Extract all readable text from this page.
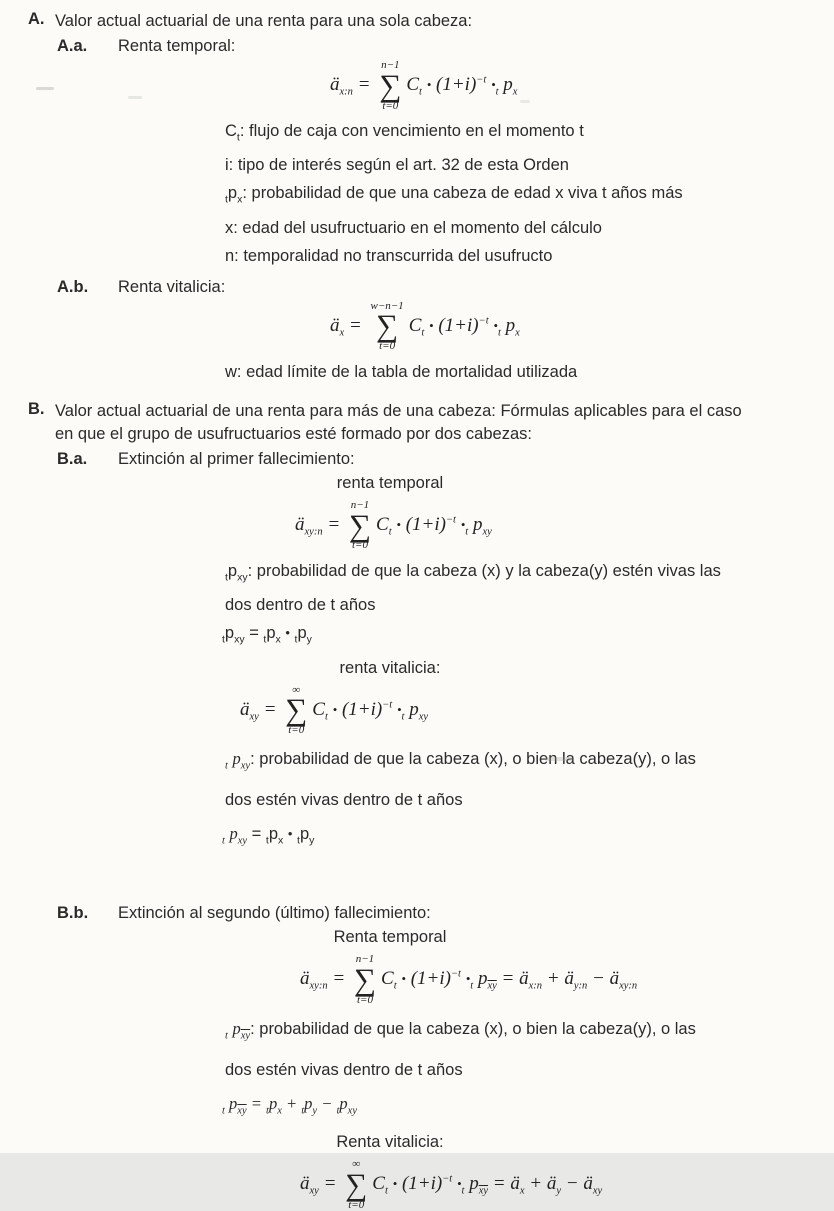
A. Valor actual actuarial de una renta para una sola cabeza:
A.a.	Renta temporal:
$ä_{x:n}$ =
n−1
∑
t=0
$C_t$ • $(1+i)^{-t}$ $•_t$ $p_x$
$C_t$: flujo de caja con vencimiento en el momento t
i: tipo de interés según el art. 32 de esta Orden
$_tp_x$: probabilidad de que una cabeza de edad x viva t años más
x: edad del usufructuario en el momento del cálculo
n: temporalidad no transcurrida del usufructo
A.b.	Renta vitalicia:
$ä_x$ =
w−n−1
∑
t=0
$C_t$ • $(1+i)^{-t}$ $•_t$ $p_x$
w: edad límite de la tabla de mortalidad utilizada
B. Valor actual actuarial de una renta para más de una cabeza: Fórmulas aplicables para el caso
en que el grupo de usufructuarios esté formado por dos cabezas:
B.a.	Extinción al primer fallecimiento:
renta temporal
$ä_{xy:n}$ =
n−1
∑
t=0
$C_t$ • $(1+i)^{-t}$ $•_t$ $p_{xy}$
$_tp_{xy}$: probabilidad de que la cabeza (x) y la cabeza(y) estén vivas las
dos dentro de t años
$_tp_{xy} = _tp_x$ • $_tp_y$
renta vitalicia:
$ä_{xy}$ =
∞
∑
t=0
$C_t$ • $(1+i)^{-t}$ $•_t$ $p_{xy}$
$_t$ $p_{xy}$: probabilidad de que la cabeza (x), o bien la cabeza(y), o las
dos estén vivas dentro de t años
$_t$ $p_{xy} = _tp_x$ • $_tp_y$
B.b.	Extinción al segundo (último) fallecimiento:
Renta temporal
$ä_{xy:n}$ =
n−1
∑
t=0
$C_t$ • $(1+i)^{-t}$ $•_t$ $p_{\overline{xy}}$ = $ä_{x:n}$ + $ä_{y:n}$ − $ä_{xy:n}$
$_t$ $p_{\overline{xy}}$: probabilidad de que la cabeza (x), o bien la cabeza(y), o las
dos estén vivas dentro de t años
$_t$ $p_{\overline{xy}} = _tp_x + _tp_y - _tp_{xy}$
Renta vitalicia:
$ä_{xy}$ =
∞
∑
t=0
$C_t$ • $(1+i)^{-t}$ $•_t$ $p_{\overline{xy}}$ = $ä_x$ + $ä_y$ − $ä_{xy}$
